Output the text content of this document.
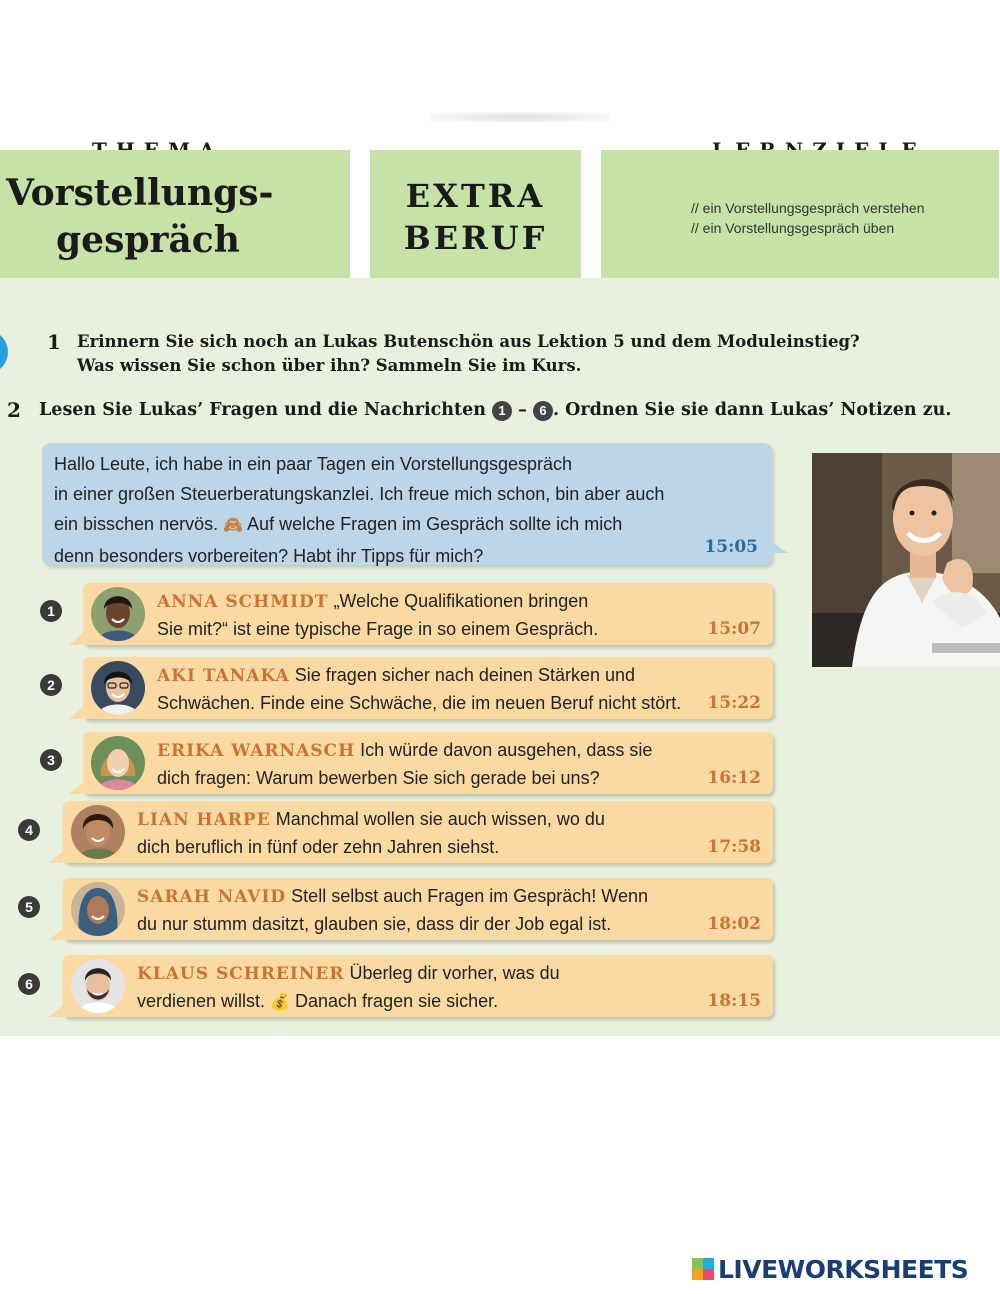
Vorstellungs-
gespräch
EXTRA
BERUF
// ein Vorstellungsgespräch verstehen
// ein Vorstellungsgespräch üben
1 Erinnern Sie sich noch an Lukas Butenschön aus Lektion 5 und dem Moduleinstieg?
Was wissen Sie schon über ihn? Sammeln Sie im Kurs.
2 Lesen Sie Lukas’ Fragen und die Nachrichten 1 – 6 . Ordnen Sie sie dann Lukas’ Notizen zu.
Hallo Leute, ich habe in ein paar Tagen ein Vorstellungsgespräch
in einer großen Steuerberatungskanzlei. Ich freue mich schon, bin aber auch
ein bisschen nervös. 🙈 Auf welche Fragen im Gespräch sollte ich mich
denn besonders vorbereiten? Habt ihr Tipps für mich?	15:05
1	ANNA SCHMIDT „Welche Qualifikationen bringen
Sie mit?“ ist eine typische Frage in so einem Gespräch.	15:07
2	AKI TANAKA Sie fragen sicher nach deinen Stärken und
Schwächen. Finde eine Schwäche, die im neuen Beruf nicht stört. 15:22
3	ERIKA WARNASCH Ich würde davon ausgehen, dass sie
dich fragen: Warum bewerben Sie sich gerade bei uns?	16:12
4	LIAN HARPE Manchmal wollen sie auch wissen, wo du
dich beruflich in fünf oder zehn Jahren siehst.	17:58
5	SARAH NAVID Stell selbst auch Fragen im Gespräch! Wenn
du nur stumm dasitzt, glauben sie, dass dir der Job egal ist.	18:02
6	KLAUS SCHREINER Überleg dir vorher, was du
verdienen willst. 💰 Danach fragen sie sicher.	18:15
LIVEWORKSHEETS
